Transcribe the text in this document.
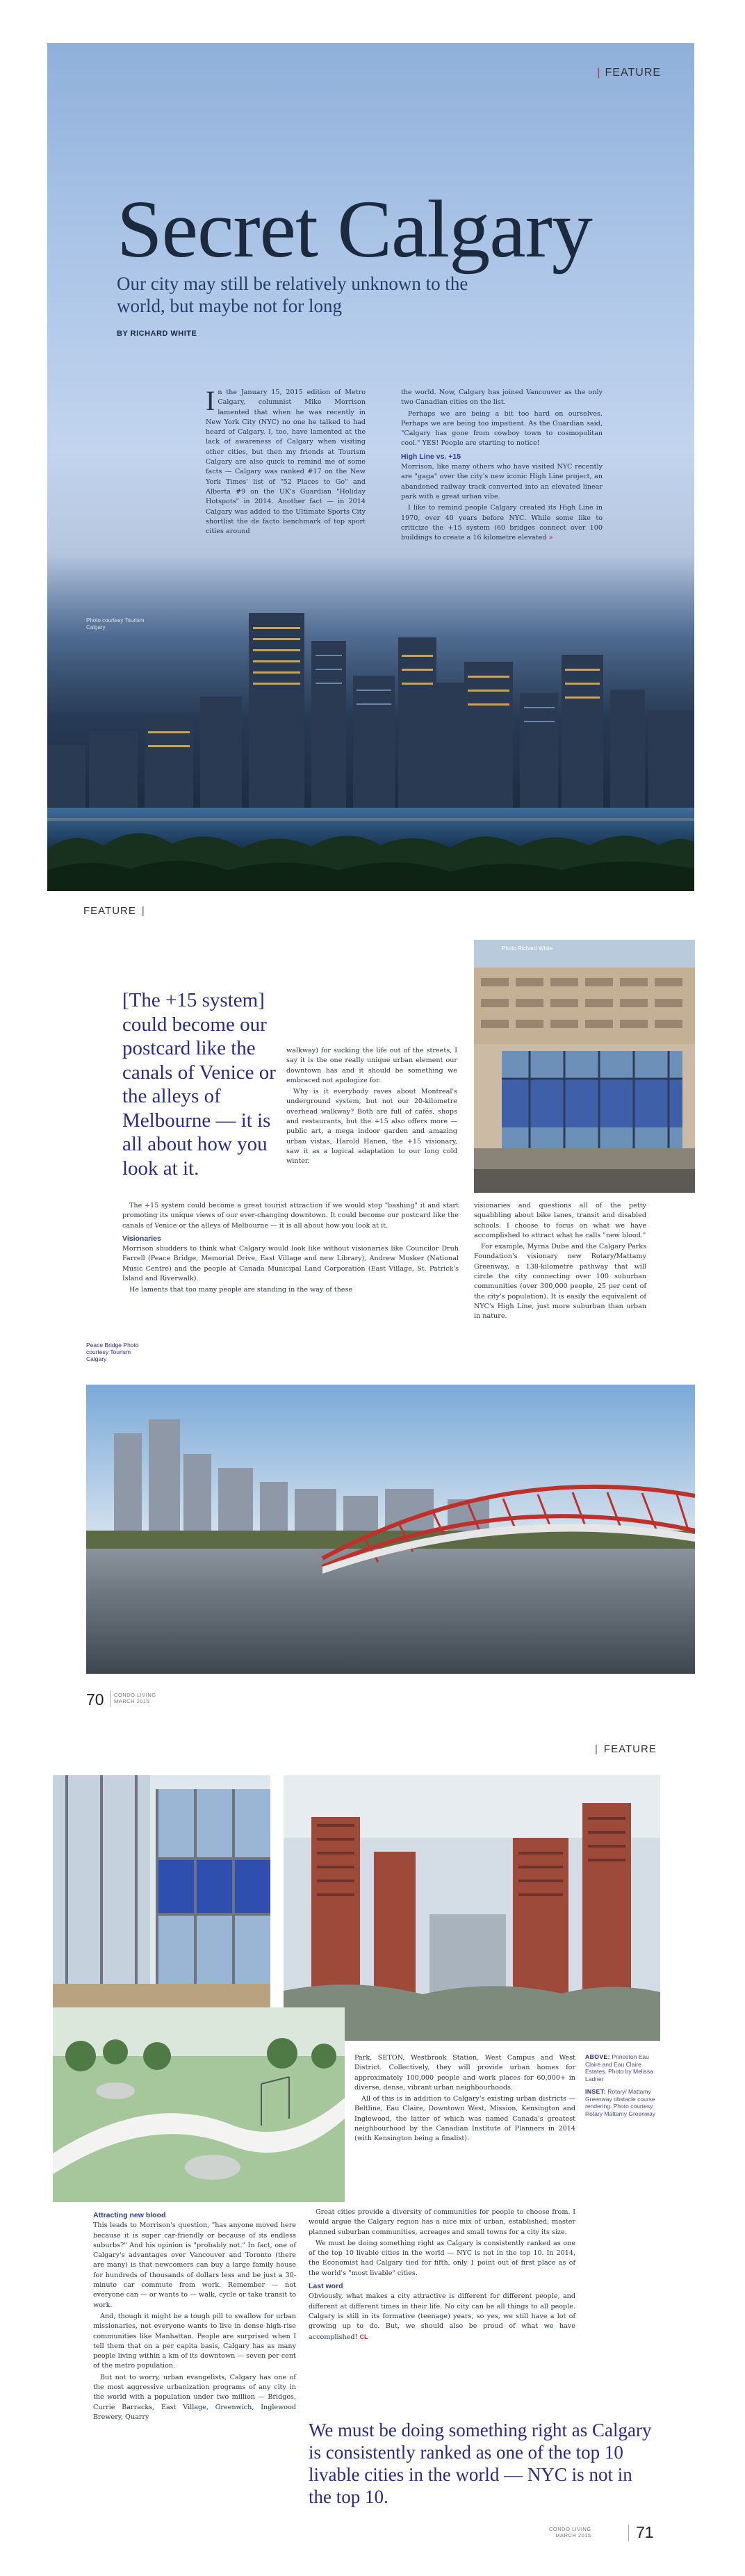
| FEATURE
Secret Calgary
Our city may still be relatively unknown to the world, but maybe not for long
BY RICHARD WHITE

In the January 15, 2015 edition of Metro Calgary, columnist Mike Morrison lamented that when he was recently in New York City (NYC) no one he talked to had heard of Calgary. I, too, have lamented at the lack of awareness of Calgary when visiting other cities, but then my friends at Tourism Calgary are also quick to remind me of some facts — Calgary was ranked #17 on the New York Times' list of "52 Places to Go" and Alberta #9 on the UK's Guardian "Holiday Hotspots" in 2014. Another fact — in 2014 Calgary was added to the Ultimate Sports City shortlist the de facto benchmark of top sport cities around

the world. Now, Calgary has joined Vancouver as the only two Canadian cities on the list.

Perhaps we are being a bit too hard on ourselves. Perhaps we are being too impatient. As the Guardian said, "Calgary has gone from cowboy town to cosmopolitan cool." YES! People are starting to notice!

High Line vs. +15

Morrison, like many others who have visited NYC recently are "gaga" over the city's new iconic High Line project, an abandoned railway track converted into an elevated linear park with a great urban vibe.

I like to remind people Calgary created its High Line in 1970, over 40 years before NYC. While some like to criticize the +15 system (60 bridges connect over 100 buildings to create a 16 kilometre elevated »

FEATURE |
[The +15 system] could become our postcard like the canals of Venice or the alleys of Melbourne — it is all about how you look at it.

walkway) for sucking the life out of the streets, I say it is the one really unique urban element our downtown has and it should be something we embraced not apologize for.

Why is it everybody raves about Montreal's underground system, but not our 20-kilometre overhead walkway? Both are full of cafés, shops and restaurants, but the +15 also offers more — public art, a mega indoor garden and amazing urban vistas, Harold Hanen, the +15 visionary, saw it as a logical adaptation to our long cold winter.

The +15 system could become a great tourist attraction if we would stop "bashing" it and start promoting its unique views of our ever-changing downtown. It could become our postcard like the canals of Venice or the alleys of Melbourne — it is all about how you look at it.

Visionaries

Morrison shudders to think what Calgary would look like without visionaries like Councilor Druh Farrell (Peace Bridge, Memorial Drive, East Village and new Library), Andrew Mosker (National Music Centre) and the people at Canada Municipal Land Corporation (East Village, St. Patrick's Island and Riverwalk).

He laments that too many people are standing in the way of these

visionaries and questions all of the petty squabbling about bike lanes, transit and disabled schools. I choose to focus on what we have accomplished to attract what he calls "new blood."

For example, Myrna Dube and the Calgary Parks Foundation's visionary new Rotary/Mattamy Greenway, a 138-kilometre pathway that will circle the city connecting over 100 suburban communities (over 300,000 people, 25 per cent of the city's population). It is easily the equivalent of NYC's High Line, just more suburban than urban in nature.

Photo Richard White
Peace Bridge Photo courtesy Tourism Calgary
70 CONDO LIVING
MARCH 2015
| FEATURE

Park, SETON, Westbrook Station, West Campus and West District. Collectively, they will provide urban homes for approximately 100,000 people and work places for 60,000+ in diverse, dense, vibrant urban neighbourhoods.

All of this is in addition to Calgary's existing urban districts — Beltline, Eau Claire, Downtown West, Mission, Kensington and Inglewood, the latter of which was named Canada's greatest neighbourhood by the Canadian Institute of Planners in 2014 (with Kensington being a finalist).

ABOVE: Princeton Eau Claire and Eau Claire Estates. Photo by Melissa Ladner
INSET: Rotary/ Mattamy Greenway obstacle course rendering. Photo courtesy Rotary Mattamy Greenway
Attracting new blood

This leads to Morrison's question, "has anyone moved here because it is super car-friendly or because of its endless suburbs?" And his opinion is "probably not." In fact, one of Calgary's advantages over Vancouver and Toronto (there are many) is that newcomers can buy a large family house for hundreds of thousands of dollars less and be just a 30-minute car commute from work. Remember — not everyone can — or wants to — walk, cycle or take transit to work.

And, though it might be a tough pill to swallow for urban missionaries, not everyone wants to live in dense high-rise communities like Manhattan. People are surprised when I tell them that on a per capita basis, Calgary has as many people living within a km of its downtown — seven per cent of the metro population.

But not to worry, urban evangelists, Calgary has one of the most aggressive urbanization programs of any city in the world with a population under two million — Bridges, Currie Barracks, East Village, Greenwich, Inglewood Brewery, Quarry

Great cities provide a diversity of communities for people to choose from. I would argue the Calgary region has a nice mix of urban, established, master planned suburban communities, acreages and small towns for a city its size.

We must be doing something right as Calgary is consistently ranked as one of the top 10 livable cities in the world — NYC is not in the top 10. In 2014, the Economist had Calgary tied for fifth, only 1 point out of first place as of the world's "most livable" cities.

Last word

Obviously, what makes a city attractive is different for different people, and different at different times in their life. No city can be all things to all people. Calgary is still in its formative (teenage) years, so yes, we still have a lot of growing up to do. But, we should also be proud of what we have accomplished! CL

We must be doing something right as Calgary is consistently ranked as one of the top 10 livable cities in the world — NYC is not in the top 10.
CONDO LIVING
MARCH 2015	71
